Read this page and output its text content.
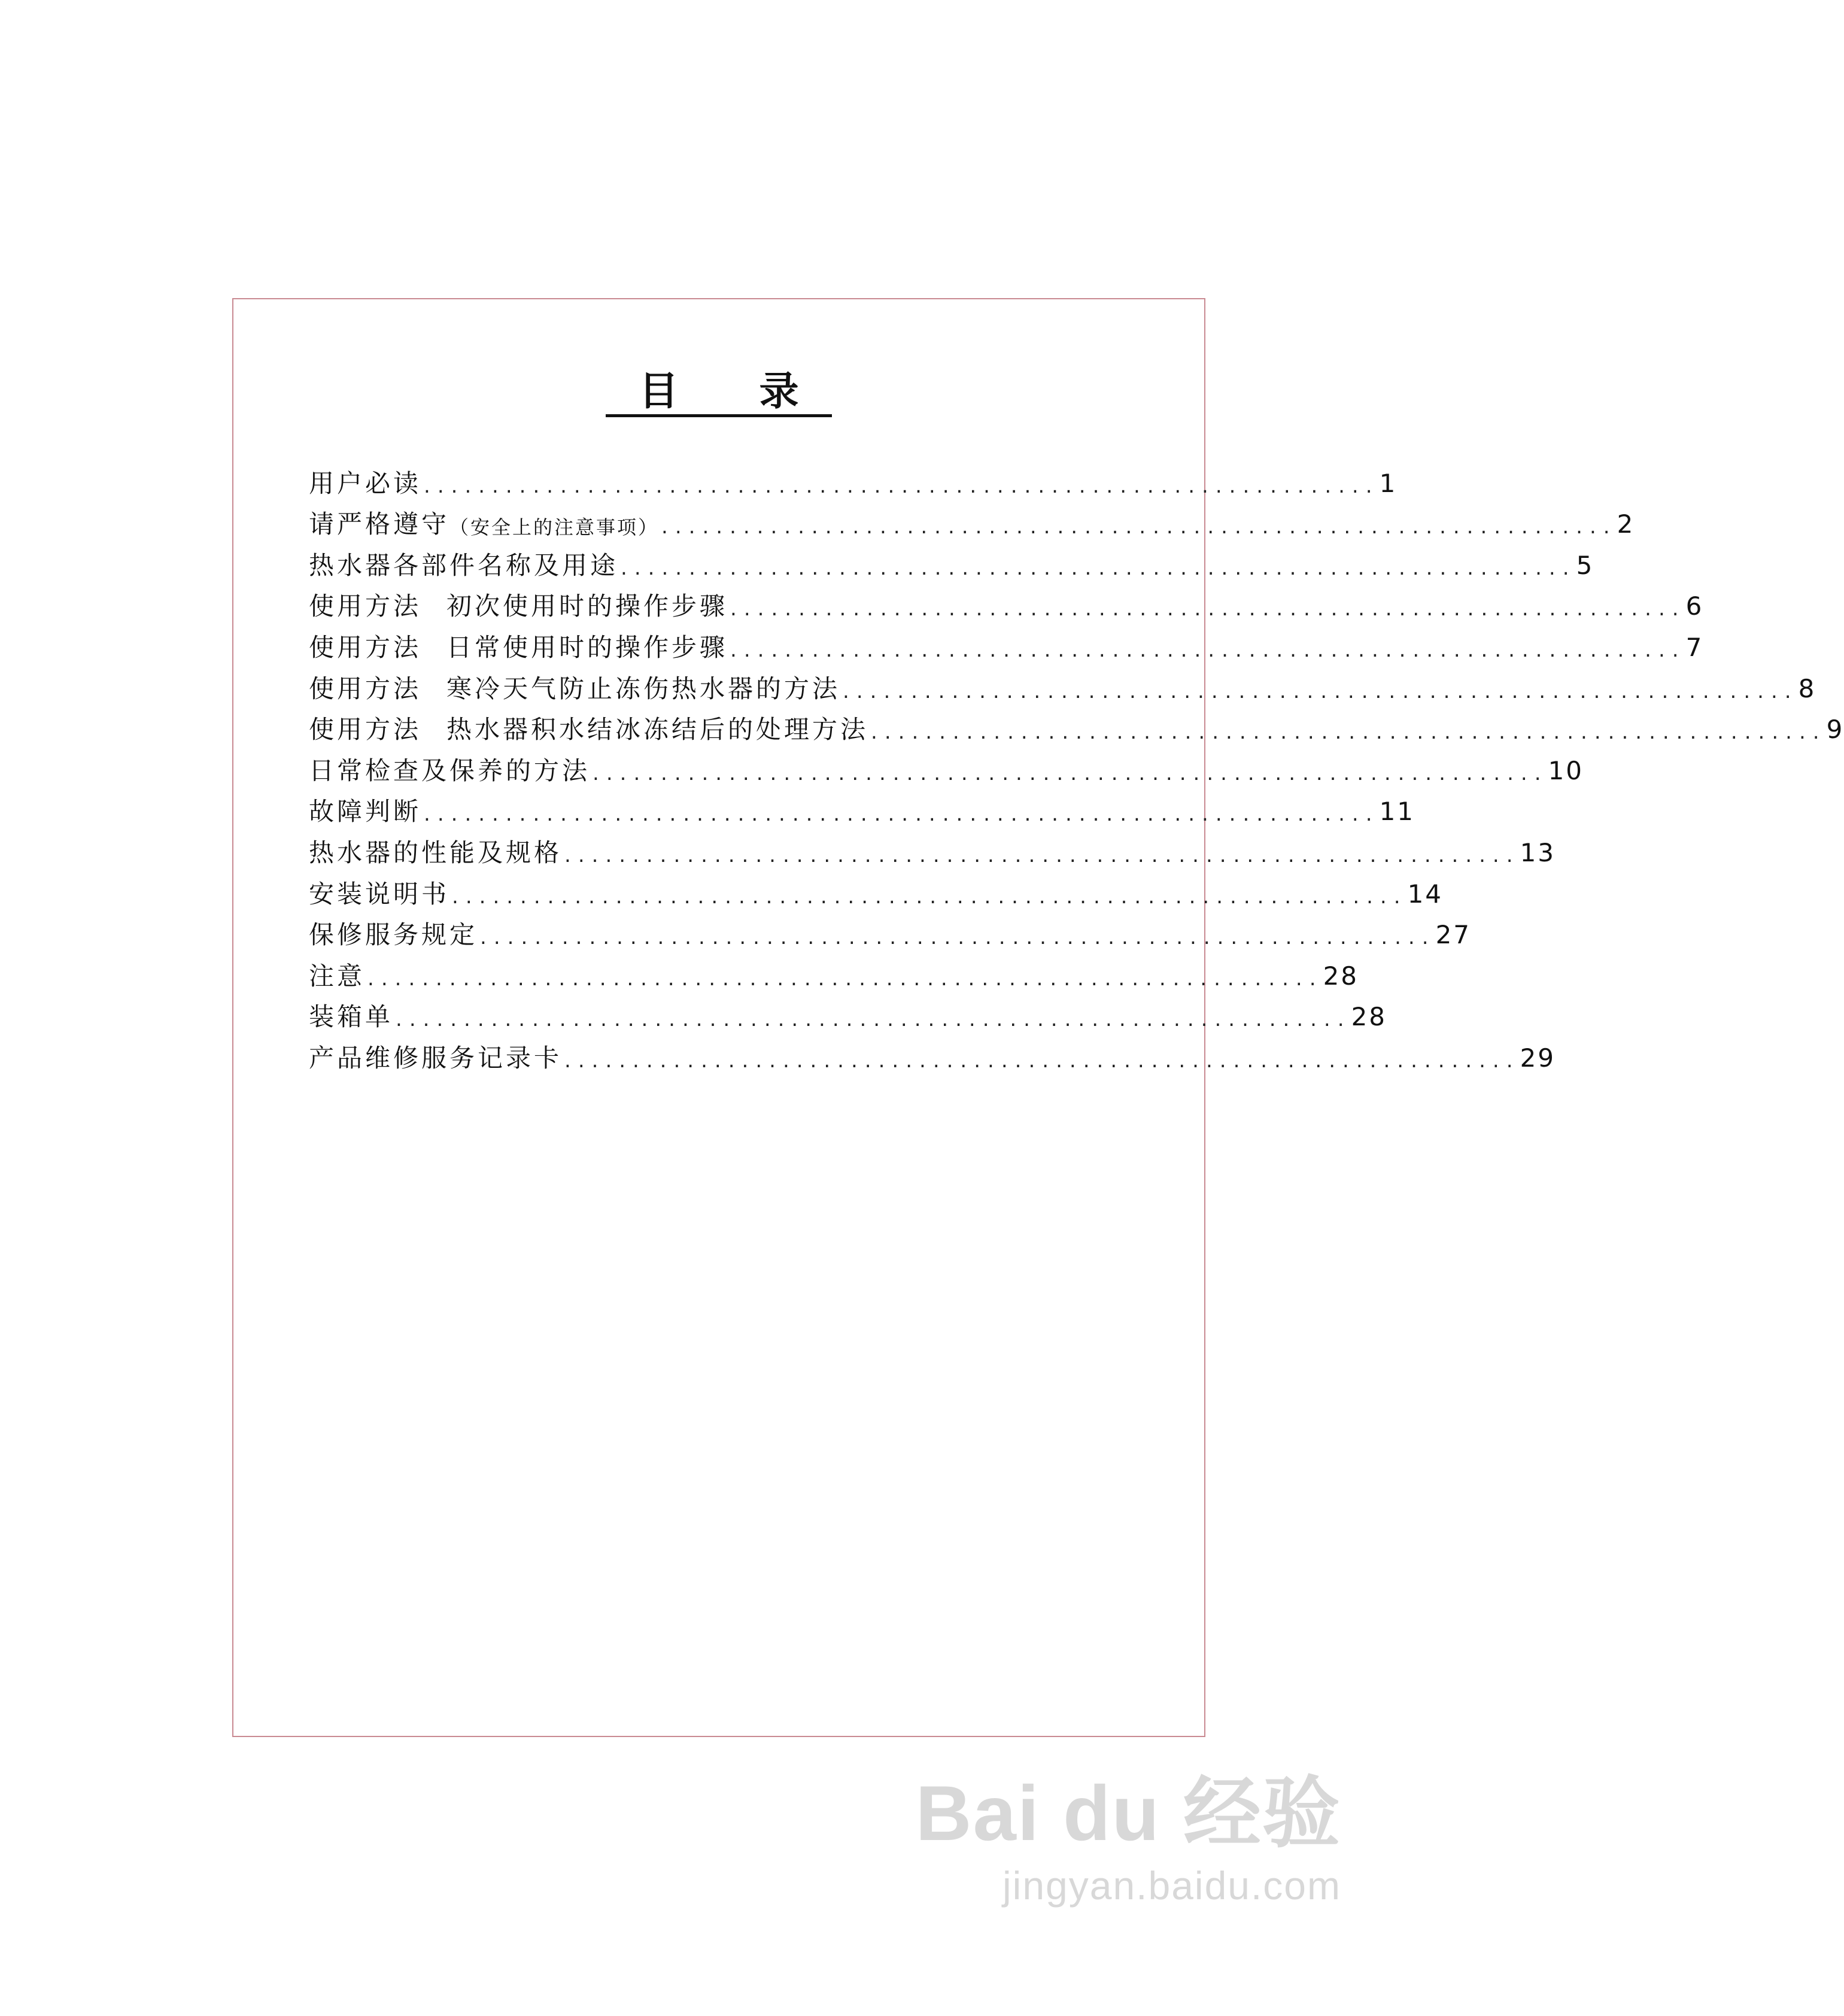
目 录
用户必读 ...................................................................... 1
请严格遵守 （安全上的注意事项） ...................................................................... 2
热水器各部件名称及用途 ...................................................................... 5
使用方法 初次使用时的操作步骤 ...................................................................... 6
使用方法 日常使用时的操作步骤 ...................................................................... 7
使用方法 寒冷天气防止冻伤热水器的方法 ...................................................................... 8
使用方法 热水器积水结冰冻结后的处理方法 ...................................................................... 9
日常检查及保养的方法 ...................................................................... 10
故障判断 ...................................................................... 11
热水器的性能及规格 ...................................................................... 13
安装说明书 ...................................................................... 14
保修服务规定 ...................................................................... 27
注意 ...................................................................... 28
装箱单 ...................................................................... 28
产品维修服务记录卡 ...................................................................... 29
Bai du 经验
jingyan.baidu.com
